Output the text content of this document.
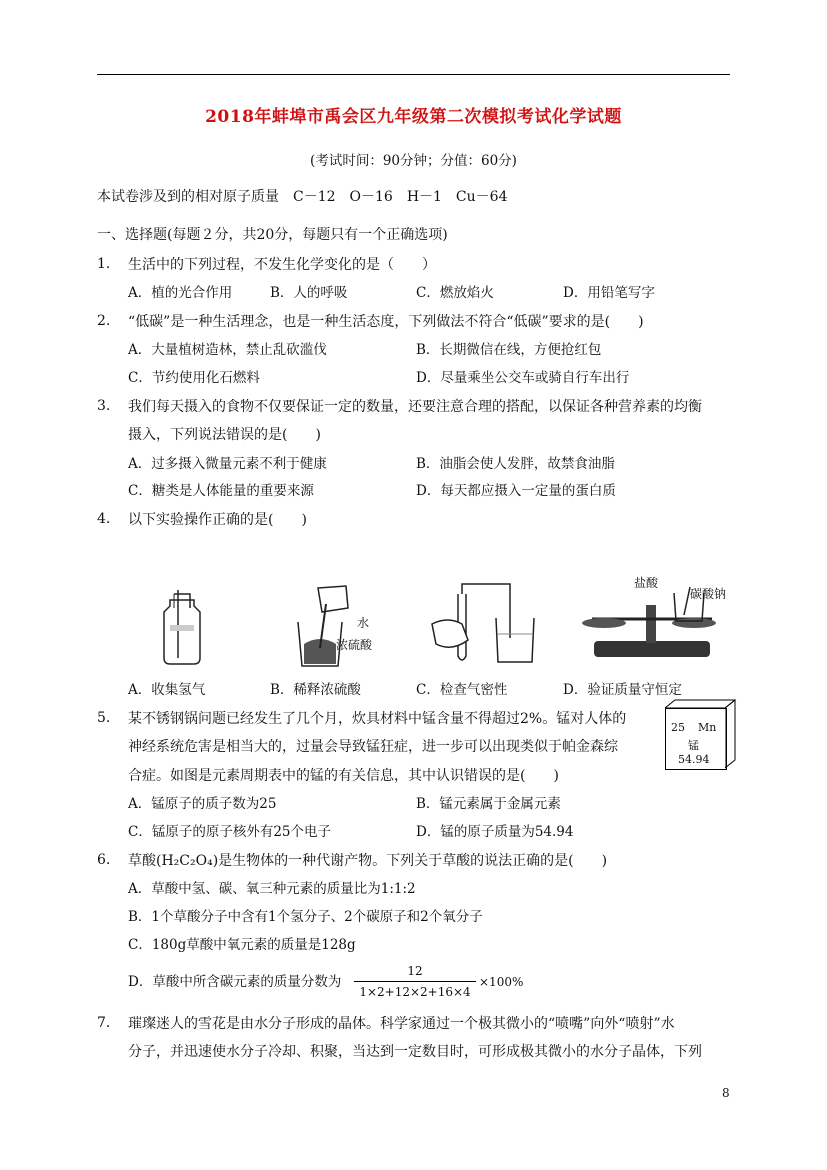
2018年蚌埠市禹会区九年级第二次模拟考试化学试题
(考试时间：90分钟；分值：60分)
本试卷涉及到的相对原子质量　C－12　O－16　H－1　Cu－64
一、选择题(每题２分，共20分，每题只有一个正确选项)
1. 生活中的下列过程，不发生化学变化的是（　　）
A．植的光合作用	B．人的呼吸	C．燃放焰火	D．用铅笔写字
2. “低碳”是一种生活理念，也是一种生活态度，下列做法不符合“低碳”要求的是(　　)
A．大量植树造林，禁止乱砍滥伐	B．长期微信在线，方便抢红包
C．节约使用化石燃料	D．尽量乘坐公交车或骑自行车出行
3. 我们每天摄入的食物不仅要保证一定的数量，还要注意合理的搭配，以保证各种营养素的均衡
摄入，下列说法错误的是(　　)
A．过多摄入微量元素不利于健康	B．油脂会使人发胖，故禁食油脂
C．糖类是人体能量的重要来源	D．每天都应摄入一定量的蛋白质
4. 以下实验操作正确的是(　　)
水
浓硫酸
盐酸
碳酸钠
A．收集氢气	B．稀释浓硫酸	C．检查气密性	D．验证质量守恒定
5. 某不锈钢锅问题已经发生了几个月，炊具材料中锰含量不得超过2%。锰对人体的
神经系统危害是相当大的，过量会导致锰狂症，进一步可以出现类似于帕金森综
合症。如图是元素周期表中的锰的有关信息，其中认识错误的是(　　)
25 Mn
锰
54.94
A．锰原子的质子数为25	B．锰元素属于金属元素
C．锰原子的原子核外有25个电子	D．锰的原子质量为54.94
6. 草酸(H₂C₂O₄)是生物体的一种代谢产物。下列关于草酸的说法正确的是(　　)
A．草酸中氢、碳、氧三种元素的质量比为1:1:2
B．1个草酸分子中含有1个氢分子、2个碳原子和2个氧分子
C．180g草酸中氧元素的质量是128g
D．草酸中所含碳元素的质量分数为
12
1×2+12×2+16×4
×100%
7. 璀璨迷人的雪花是由水分子形成的晶体。科学家通过一个极其微小的“喷嘴”向外“喷射”水
分子，并迅速使水分子冷却、积聚，当达到一定数目时，可形成极其微小的水分子晶体，下列
8
